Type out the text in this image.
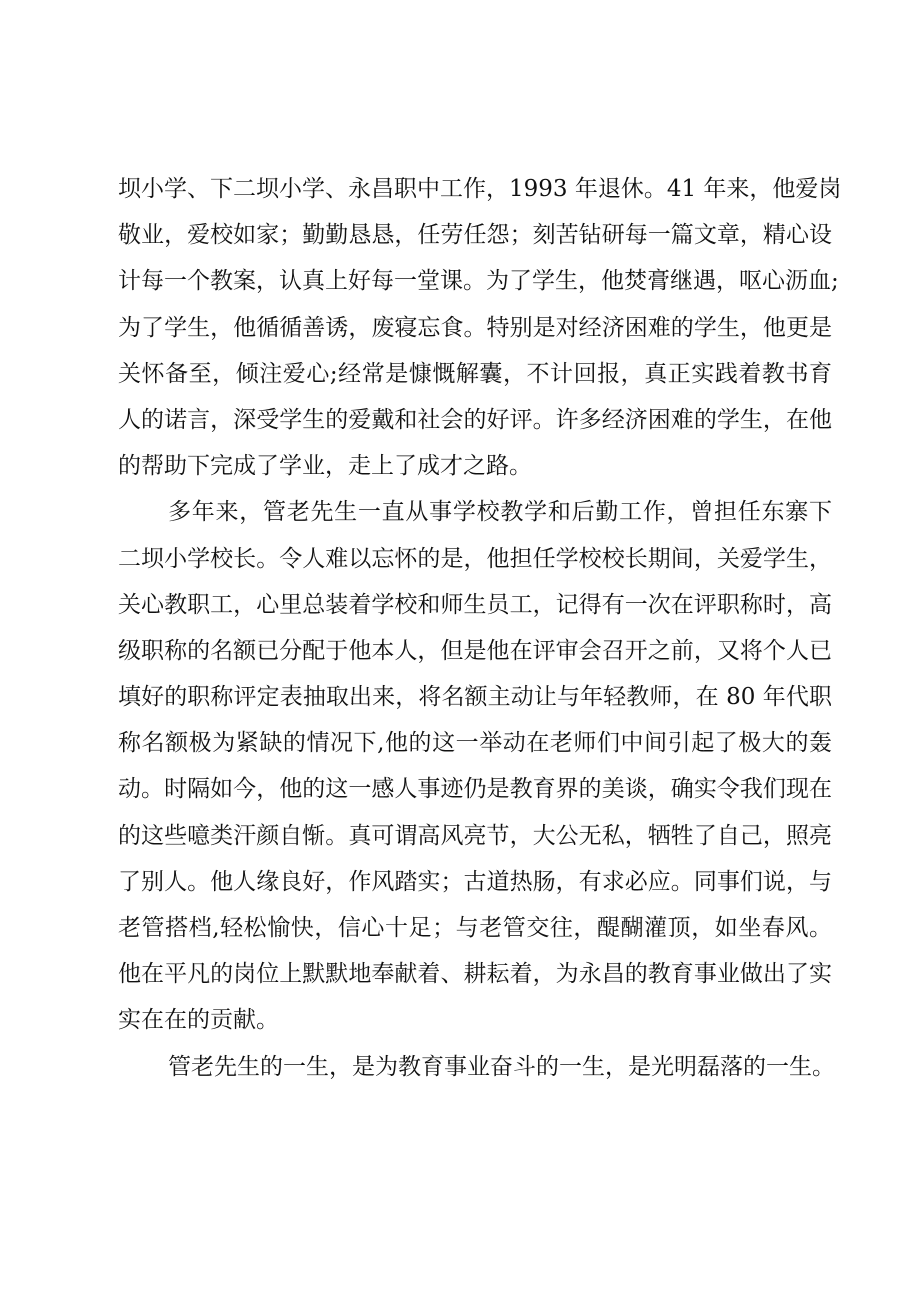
坝小学、下二坝小学、永昌职中工作，1993 年退休。41 年来，他爱岗
敬业，爱校如家；勤勤恳恳，任劳任怨；刻苦钻研每一篇文章，精心设
计每一个教案，认真上好每一堂课。为了学生，他焚膏继遇，呕心沥血;
为了学生，他循循善诱，废寝忘食。特别是对经济困难的学生，他更是
关怀备至，倾注爱心;经常是慷慨解囊，不计回报，真正实践着教书育
人的诺言，深受学生的爱戴和社会的好评。许多经济困难的学生，在他
的帮助下完成了学业，走上了成才之路。
多年来，管老先生一直从事学校教学和后勤工作，曾担任东寨下
二坝小学校长。令人难以忘怀的是，他担任学校校长期间，关爱学生，
关心教职工，心里总装着学校和师生员工，记得有一次在评职称时，高
级职称的名额已分配于他本人，但是他在评审会召开之前，又将个人已
填好的职称评定表抽取出来，将名额主动让与年轻教师，在 80 年代职
称名额极为紧缺的情况下,他的这一举动在老师们中间引起了极大的轰
动。时隔如今，他的这一感人事迹仍是教育界的美谈，确实令我们现在
的这些噫类汗颜自惭。真可谓高风亮节，大公无私，牺牲了自己，照亮
了别人。他人缘良好，作风踏实；古道热肠，有求必应。同事们说，与
老管搭档,轻松愉快，信心十足；与老管交往，醍醐灌顶，如坐春风。
他在平凡的岗位上默默地奉献着、耕耘着，为永昌的教育事业做出了实
实在在的贡献。
管老先生的一生，是为教育事业奋斗的一生，是光明磊落的一生。
